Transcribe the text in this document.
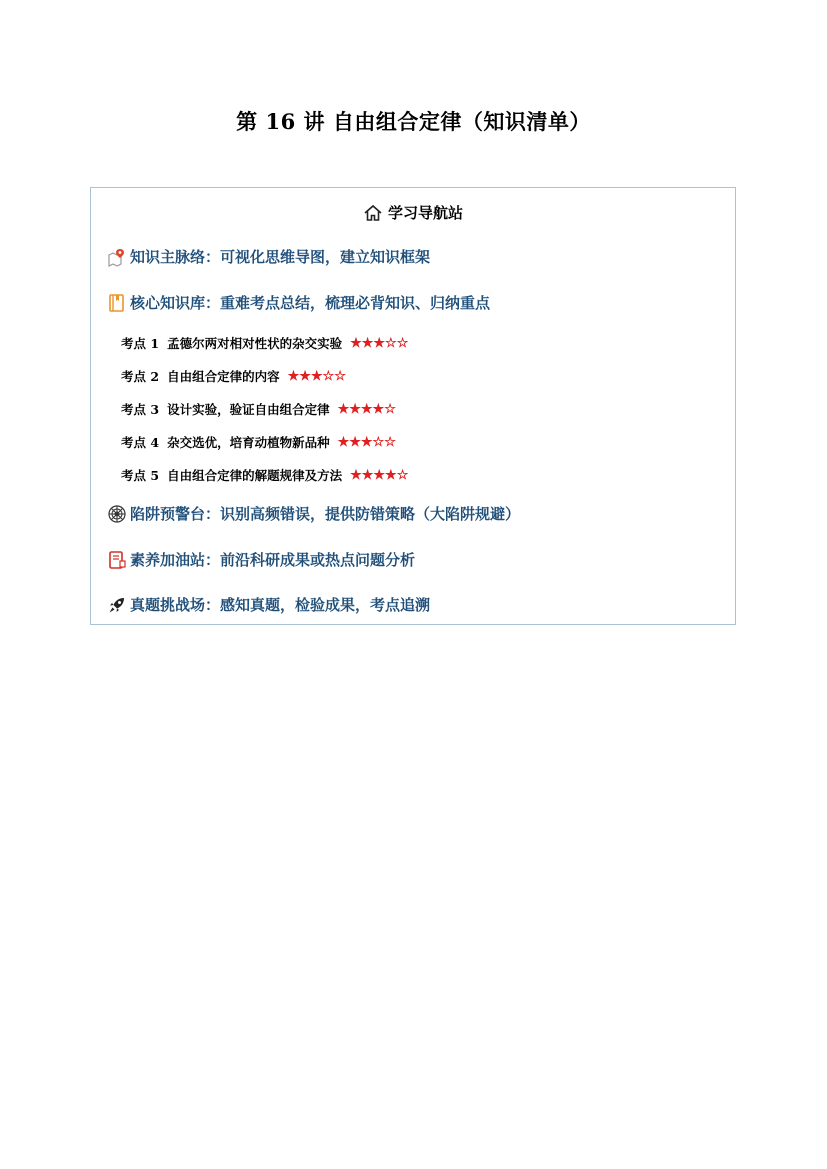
第 16 讲 自由组合定律（知识清单）
学习导航站
知识主脉络 ：可视化思维导图，建立知识框架
核心知识库 ：重难考点总结，梳理必背知识、归纳重点
考点 1 孟德尔两对相对性状的杂交实验 ★★★☆☆
考点 2 自由组合定律的内容 ★★★☆☆
考点 3 设计实验，验证自由组合定律 ★★★★☆
考点 4 杂交选优，培育动植物新品种 ★★★☆☆
考点 5 自由组合定律的解题规律及方法 ★★★★☆
陷阱预警台 ：识别高频错误，提供防错策略（大陷阱规避）
素养加油站 ：前沿科研成果或热点问题分析
真题挑战场 ：感知真题，检验成果，考点追溯
